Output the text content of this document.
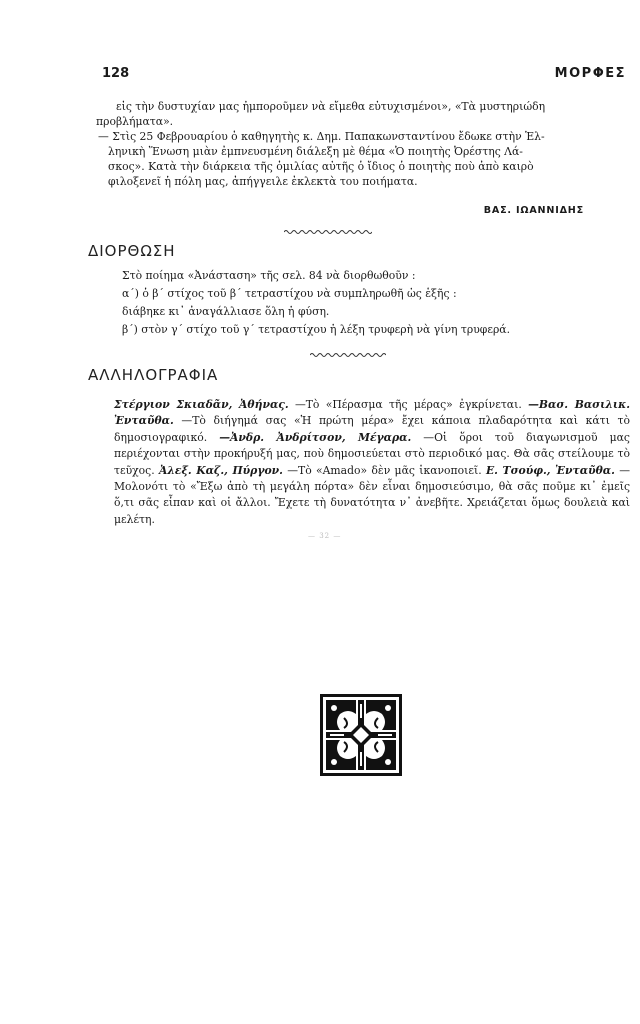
128	ΜΟΡΦΕΣ
εἰς τὴν δυστυχίαν μας ἠμποροῦμεν νὰ εἴμεθα εὐτυχισμένοι», «Τὰ μυστηριώδη
προβλήματα».
— Στὶς 25 Φεβρουαρίου ὁ καθηγητὴς κ. Δημ. Παπακωνσταντίνου ἔδωκε στὴν Ἑλ-
ληνικὴ Ἕνωση μιὰν ἐμπνευσμένη διάλεξη μὲ θέμα «Ὁ ποιητὴς Ὀρέστης Λά-
σκος». Κατὰ τὴν διάρκεια τῆς ὁμιλίας αὐτῆς ὁ ἴδιος ὁ ποιητὴς ποὺ ἀπὸ καιρὸ
φιλοξενεῖ ἡ πόλη μας, ἀπήγγειλε ἐκλεκτὰ του ποιήματα.
ΒΑΣ. ΙΩΑΝΝΙΔΗΣ
ΔΙΟΡΘΩΣΗ
Στὸ ποίημα «Ἀνάσταση» τῆς σελ. 84 νὰ διορθωθοῦν :
α΄) ὁ β΄ στίχος τοῦ β΄ τετραστίχου νὰ συμπληρωθῆ ὡς ἑξῆς :
διάβηκε κι᾽ ἀναγάλλιασε ὅλη ἡ φύση.
β΄) στὸν γ΄ στίχο τοῦ γ΄ τετραστίχου ἡ λέξη τρυφερὴ νὰ γίνη τρυφερά.
ΑΛΛΗΛΟΓΡΑΦΙΑ
Στέργιον Σκιαδᾶν, Ἀθήνας. —Τὸ «Πέρασμα τῆς μέρας» ἐγκρίνεται. —Βασ. Βασιλικ. Ἐνταῦθα. —Τὸ διήγημά σας «Ἡ πρώτη μέρα» ἔχει κάποια πλαδαρότητα καὶ κάτι τὸ δημοσιογραφικό. —Ἀνδρ. Ἀνδρίτσον, Μέγαρα. —Οἱ ὅροι τοῦ διαγωνισμοῦ μας περιέχονται στὴν προκήρυξή μας, ποὺ δημοσιεύεται στὸ περιοδικό μας. Θὰ σᾶς στείλουμε τὸ τεῦχος. Ἀλεξ. Καζ., Πύργον. —Τὸ «Amado» δὲν μᾶς ἱκανοποιεῖ. Ε. Τσούφ., Ἐνταῦθα. — Μολονότι τὸ «Ἔξω ἀπὸ τὴ μεγάλη πόρτα» δὲν εἶναι δημοσιεύσιμο, θὰ σᾶς ποῦμε κι᾽ ἐμεῖς ὅ,τι σᾶς εἶπαν καὶ οἱ ἄλλοι. Ἔχετε τὴ δυνατότητα ν᾽ ἀνεβῆτε. Χρειάζεται ὅμως δουλειὰ καὶ μελέτη.
— 32 —
